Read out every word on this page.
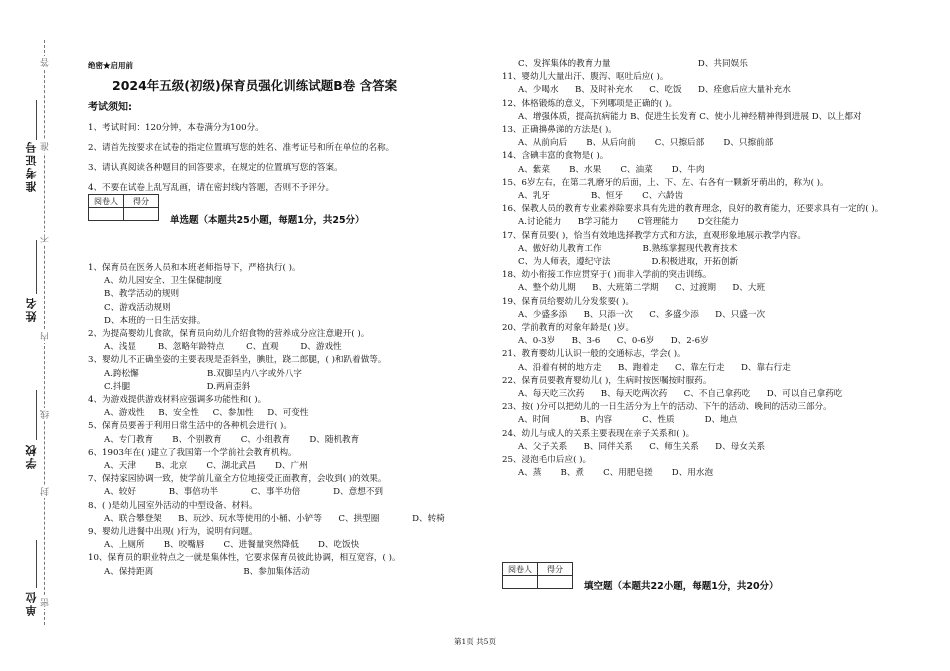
准考证号
姓名
学校
单位
答
准
不
内
线
封
密
绝密★启用前
2024年五级(初级)保育员强化训练试题B卷 含答案
考试须知:
1、考试时间：120分钟，本卷满分为100分。
2、请首先按要求在试卷的指定位置填写您的姓名、准考证号和所在单位的名称。
3、请认真阅读各种题目的回答要求，在规定的位置填写您的答案。
4、不要在试卷上乱写乱画，请在密封线内答题，否则不予评分。
阅卷人	得分

单选题（本题共25小题，每题1分，共25分）
1、保育员在医务人员和本班老师指导下，严格执行( )。
A、幼儿园安全、卫生保健制度
B、教学活动的规则
C、游戏活动规则
D、本班的一日生活安排。
2、为提高婴幼儿食欲，保育员向幼儿介绍食物的营养成分应注意避开( )。
A、浅显        B、忽略年龄特点        C、直观        D、游戏性
3、婴幼儿不正确坐姿的主要表现是歪斜坐，腆肚，跷二郎腿，( )和趴着做等。
A.跨松懈                         B.双脚呈内八字或外八字
C.抖腿                            D.两肩歪斜
4、为游戏提供游戏材料应强调多功能性和( )。
A、游戏性     B、安全性     C、参加性     D、可变性
5、保育员要善于利用日常生活中的各种机会进行( )。
A、专门教育       B、个别教育       C、小组教育       D、随机教育
6、1903年在( )建立了我国第一个学前社会教育机构。
A、天津       B、北京       C、湖北武昌       D、广州
7、保持家园协调一致，使学前儿童全方位地接受正面教育，会收到( )的效果。
A、较好            B、事倍功半            C、事半功倍            D、意想不到
8、( )是幼儿园室外活动的中型设备、材料。
A、联合攀登架      B、玩沙、玩水等使用的小桶、小铲等      C、拱型圈            D、转椅
9、婴幼儿进餐中出现( )行为，说明有问题。
A、上厕所       B、咬嘴唇       C、进餐量突然降低       D、吃饭快
10、保育员的职业特点之一就是集体性，它要求保育员彼此协调，相互宽容，( )。
A、保持距离                                 B、参加集体活动
C、发挥集体的教育力量                                D、共同娱乐
11、婴幼儿大量出汗、腹泻、呕吐后应( )。
A、少喝水      B、及时补充水      C、吃饭      D、痊愈后应大量补充水
12、体格锻炼的意义，下列哪项是正确的( )。
A、增强体质，提高抗病能力 B、促进生长发育 C、使小儿神经精神得到进展 D、以上都对
13、正确擤鼻涕的方法是( )。
A、从前向后       B、从后向前       C、只擦后部       D、只擦前部
14、含碘丰富的食物是( )。
A、紫菜       B、水果       C、油菜       D、牛肉
15、6岁左右，在第二乳磨牙的后面，上、下、左、右各有一颗新牙萌出的，称为( )。
A、乳牙               B、恒牙       C、六龄齿
16、保教人员的教育专业素养除要求具有先进的教育理念，良好的教育能力，还要求具有一定的( )。
A.讨论能力      B学习能力       C管理能力       D交往能力
17、保育员要( )，恰当有效地选择教学方式和方法，直观形象地展示教学内容。
A、傲好幼儿教育工作               B.熟练掌握现代教育技术
C、为人师表，遵纪守法               D.积极进取，开拓创新
18、幼小衔接工作应贯穿于( )而非入学前的突击训练。
A、整个幼儿期      B、大班第二学期      C、过渡期      D、大班
19、保育员给婴幼儿分发浆要( )。
A、少盛多添      B、只添一次      C、多盛少添      D、只盛一次
20、学前教育的对象年龄是( )岁。
A、0-3岁      B、3-6      C、0-6岁      D、2-6岁
21、教育婴幼儿认识一般的交通标志，学会( )。
A、沿着有树的地方走      B、跑着走      C、靠左行走      D、靠右行走
22、保育员要教育婴幼儿( )，生病时按医嘱按时服药。
A、每天吃三次药      B、每天吃两次药      C、不自己拿药吃      D、可以自己拿药吃
23、按( )分可以把幼儿的一日生活分为上午的活动、下午的活动、晚间的活动三部分。
A、时间           B、内容           C、性质           D、地点
24、幼儿与成人的关系主要表现在亲子关系和( )。
A、父子关系      B、同伴关系      C、师生关系      D、母女关系
25、浸泡毛巾后应( )。
A、蒸       B、煮       C、用肥皂搓       D、用水泡
阅卷人	得分

填空题（本题共22小题，每题1分，共20分）
第1页 共5页
